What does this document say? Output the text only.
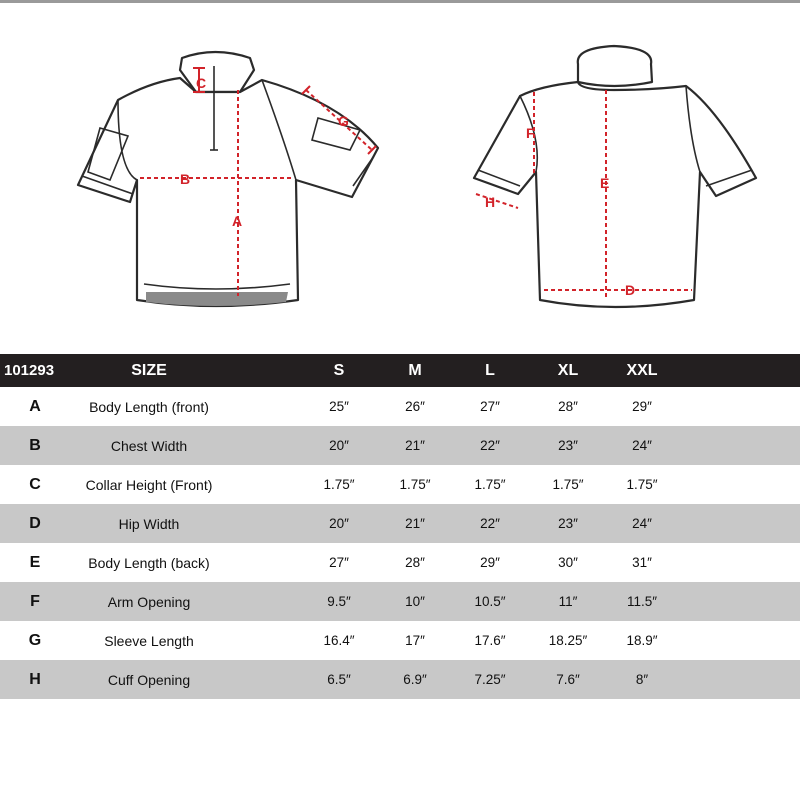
A
B
C
G
E
D
F
H
101293	SIZE	S	M	L	XL	XXL
A	Body Length (front)	25″	26″	27″	28″	29″
B	Chest Width	20″	21″	22″	23″	24″
C	Collar Height (Front)	1.75″	1.75″	1.75″	1.75″	1.75″
D	Hip Width	20″	21″	22″	23″	24″
E	Body Length (back)	27″	28″	29″	30″	31″
F	Arm Opening	9.5″	10″	10.5″	11″	11.5″
G	Sleeve Length	16.4″	17″	17.6″	18.25″	18.9″
H	Cuff Opening	6.5″	6.9″	7.25″	7.6″	8″
